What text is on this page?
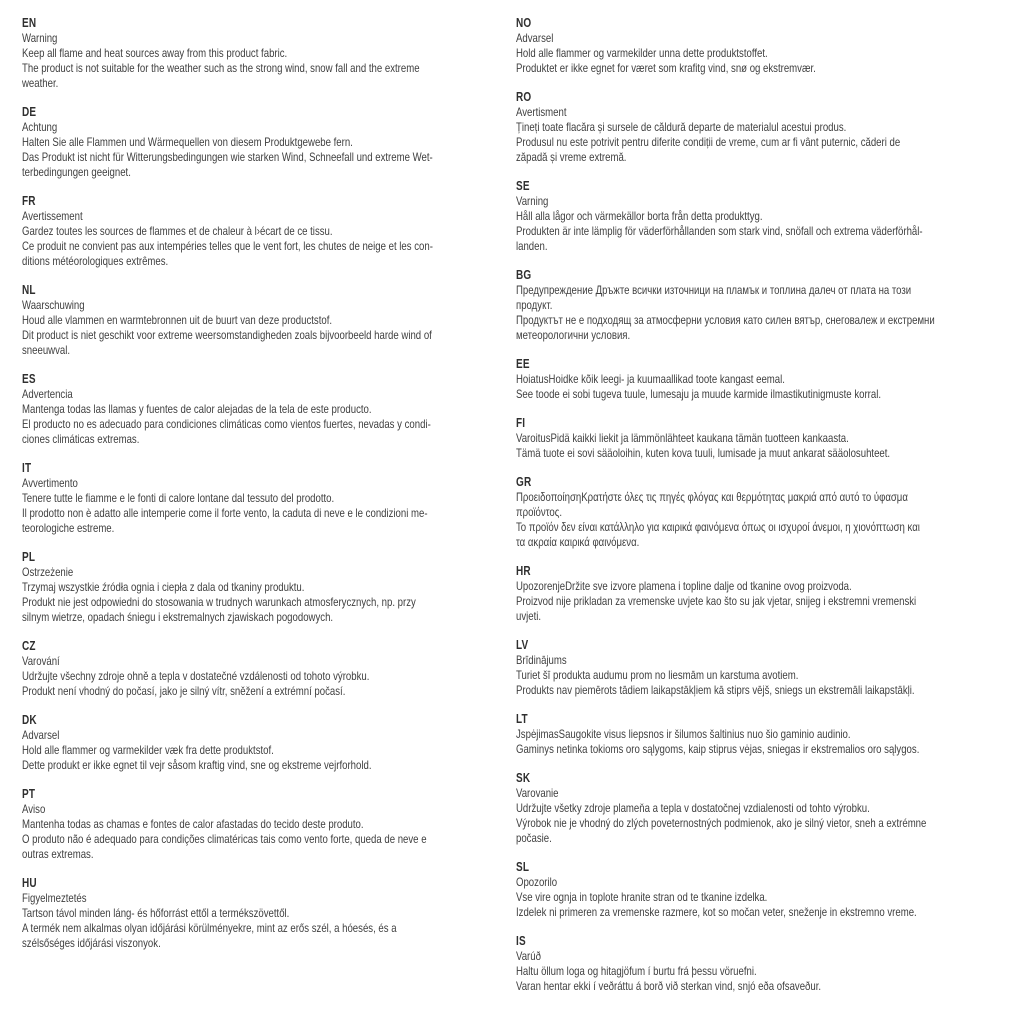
EN
Warning
Keep all flame and heat sources away from this product fabric.
The product is not suitable for the weather such as the strong wind, snow fall and the extreme
weather.
DE
Achtung
Halten Sie alle Flammen und Wärmequellen von diesem Produktgewebe fern.
Das Produkt ist nicht für Witterungsbedingungen wie starken Wind, Schneefall und extreme Wet-
terbedingungen geeignet.
FR
Avertissement
Gardez toutes les sources de flammes et de chaleur à l›écart de ce tissu.
Ce produit ne convient pas aux intempéries telles que le vent fort, les chutes de neige et les con-
ditions météorologiques extrêmes.
NL
Waarschuwing
Houd alle vlammen en warmtebronnen uit de buurt van deze productstof.
Dit product is niet geschikt voor extreme weersomstandigheden zoals bijvoorbeeld harde wind of
sneeuwval.
ES
Advertencia
Mantenga todas las llamas y fuentes de calor alejadas de la tela de este producto.
El producto no es adecuado para condiciones climáticas como vientos fuertes, nevadas y condi-
ciones climáticas extremas.
IT
Avvertimento
Tenere tutte le fiamme e le fonti di calore lontane dal tessuto del prodotto.
Il prodotto non è adatto alle intemperie come il forte vento, la caduta di neve e le condizioni me-
teorologiche estreme.
PL
Ostrzeżenie
Trzymaj wszystkie źródła ognia i ciepła z dala od tkaniny produktu.
Produkt nie jest odpowiedni do stosowania w trudnych warunkach atmosferycznych, np. przy
silnym wietrze, opadach śniegu i ekstremalnych zjawiskach pogodowych.
CZ
Varování
Udržujte všechny zdroje ohně a tepla v dostatečné vzdálenosti od tohoto výrobku.
Produkt není vhodný do počasí, jako je silný vítr, sněžení a extrémní počasí.
DK
Advarsel
Hold alle flammer og varmekilder væk fra dette produktstof.
Dette produkt er ikke egnet til vejr såsom kraftig vind, sne og ekstreme vejrforhold.
PT
Aviso
Mantenha todas as chamas e fontes de calor afastadas do tecido deste produto.
O produto não é adequado para condições climatéricas tais como vento forte, queda de neve e
outras extremas.
HU
Figyelmeztetés
Tartson távol minden láng- és hőforrást ettől a termékszövettől.
A termék nem alkalmas olyan időjárási körülményekre, mint az erős szél, a hóesés, és a
szélsőséges időjárási viszonyok.
NO
Advarsel
Hold alle flammer og varmekilder unna dette produktstoffet.
Produktet er ikke egnet for været som krafitg vind, snø og ekstremvær.
RO
Avertisment
Țineți toate flacăra și sursele de căldură departe de materialul acestui produs.
Produsul nu este potrivit pentru diferite condiții de vreme, cum ar fi vânt puternic, căderi de
zăpadă și vreme extremă.
SE
Varning
Håll alla lågor och värmekällor borta från detta produkttyg.
Produkten är inte lämplig för väderförhållanden som stark vind, snöfall och extrema väderförhål-
landen.
BG
Предупреждение Дръжте всички източници на пламък и топлина далеч от плата на този
продукт.
Продуктът не е подходящ за атмосферни условия като силен вятър, снеговалеж и екстремни
метеорологични условия.
EE
HoiatusHoidke kõik leegi- ja kuumaallikad toote kangast eemal.
See toode ei sobi tugeva tuule, lumesaju ja muude karmide ilmastikutinigmuste korral.
FI
VaroitusPidä kaikki liekit ja lämmönlähteet kaukana tämän tuotteen kankaasta.
Tämä tuote ei sovi sääoloihin, kuten kova tuuli, lumisade ja muut ankarat sääolosuhteet.
GR
ΠροειδοποίησηΚρατήστε όλες τις πηγές φλόγας και θερμότητας μακριά από αυτό το ύφασμα
προϊόντος.
Το προϊόν δεν είναι κατάλληλο για καιρικά φαινόμενα όπως οι ισχυροί άνεμοι, η χιονόπτωση και
τα ακραία καιρικά φαινόμενα.
HR
UpozorenjeDržite sve izvore plamena i topline dalje od tkanine ovog proizvoda.
Proizvod nije prikladan za vremenske uvjete kao što su jak vjetar, snijeg i ekstremni vremenski
uvjeti.
LV
Brīdinājums
Turiet šī produkta audumu prom no liesmām un karstuma avotiem.
Produkts nav piemērots tādiem laikapstākļiem kā stiprs vējš, sniegs un ekstremāli laikapstākļi.
LT
JspėjimasSaugokite visus liepsnos ir šilumos šaltinius nuo šio gaminio audinio.
Gaminys netinka tokioms oro sąlygoms, kaip stiprus vėjas, sniegas ir ekstremalios oro sąlygos.
SK
Varovanie
Udržujte všetky zdroje plameňa a tepla v dostatočnej vzdialenosti od tohto výrobku.
Výrobok nie je vhodný do zlých poveternostných podmienok, ako je silný vietor, sneh a extrémne
počasie.
SL
Opozorilo
Vse vire ognja in toplote hranite stran od te tkanine izdelka.
Izdelek ni primeren za vremenske razmere, kot so močan veter, sneženje in ekstremno vreme.
IS
Varúð
Haltu öllum loga og hitagjöfum í burtu frá þessu vöruefni.
Varan hentar ekki í veðráttu á borð við sterkan vind, snjó eða ofsaveður.
